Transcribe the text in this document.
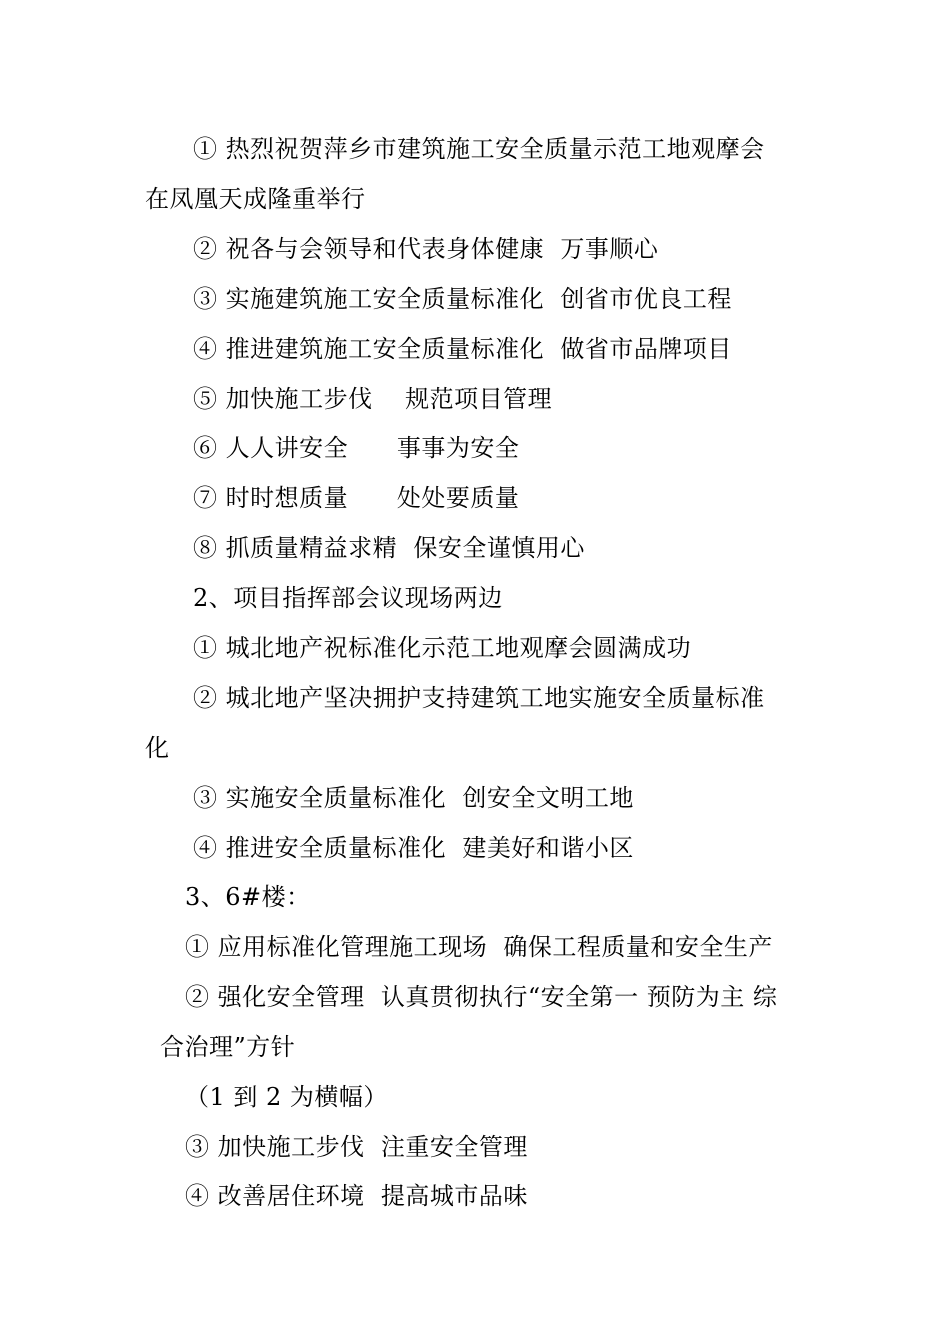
① 热烈祝贺萍乡市建筑施工安全质量示范工地观摩会
在凤凰天成隆重举行
② 祝各与会领导和代表身体健康  万事顺心
③ 实施建筑施工安全质量标准化  创省市优良工程
④ 推进建筑施工安全质量标准化  做省市品牌项目
⑤ 加快施工步伐    规范项目管理
⑥ 人人讲安全      事事为安全
⑦ 时时想质量      处处要质量
⑧ 抓质量精益求精  保安全谨慎用心
2、项目指挥部会议现场两边
① 城北地产祝标准化示范工地观摩会圆满成功
② 城北地产坚决拥护支持建筑工地实施安全质量标准
化
③ 实施安全质量标准化  创安全文明工地
④ 推进安全质量标准化  建美好和谐小区
3、6#楼：
① 应用标准化管理施工现场  确保工程质量和安全生产
② 强化安全管理  认真贯彻执行“安全第一 预防为主 综
合治理”方针
（1 到 2 为横幅）
③ 加快施工步伐  注重安全管理
④ 改善居住环境  提高城市品味
